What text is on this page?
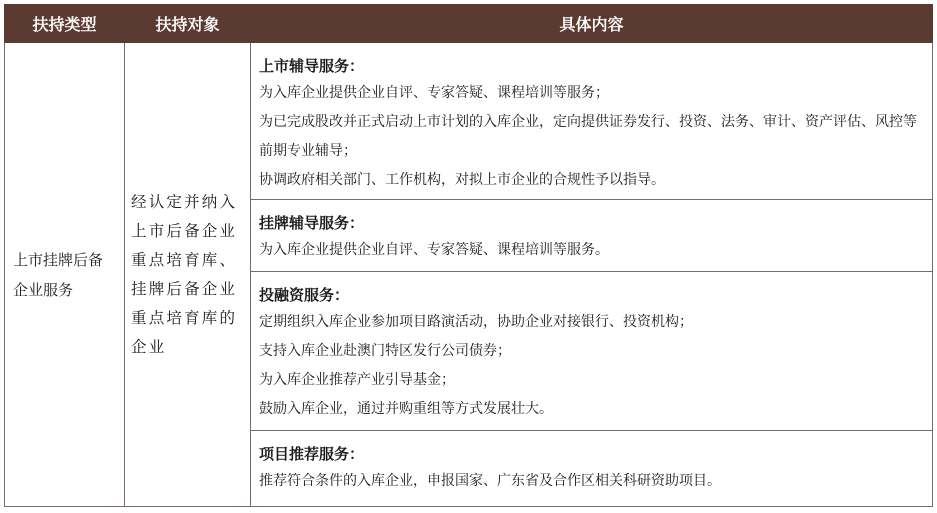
扶持类型	扶持对象	具体内容
上市挂牌后备企业服务	经认定并纳入上市后备企业重点培育库、挂牌后备企业重点培育库的企业	上市辅导服务：

为入库企业提供企业自评、专家答疑、课程培训等服务；

为已完成股改并正式启动上市计划的入库企业，定向提供证券发行、投资、法务、审计、资产评估、风控等前期专业辅导；

协调政府相关部门、工作机构，对拟上市企业的合规性予以指导。

		挂牌辅导服务：

为入库企业提供企业自评、专家答疑、课程培训等服务。

		投融资服务：

定期组织入库企业参加项目路演活动，协助企业对接银行、投资机构；

支持入库企业赴澳门特区发行公司债券；

为入库企业推荐产业引导基金；

鼓励入库企业，通过并购重组等方式发展壮大。

		项目推荐服务：

推荐符合条件的入库企业，申报国家、广东省及合作区相关科研资助项目。
